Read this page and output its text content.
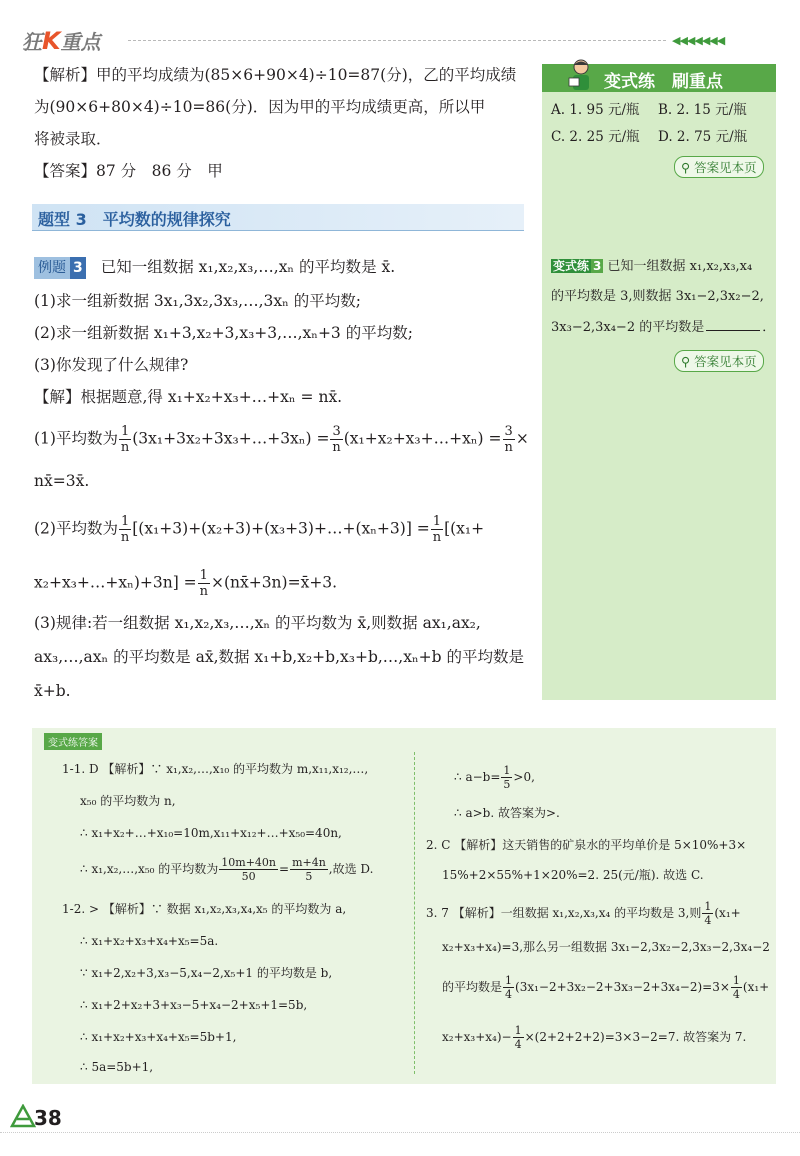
狂K重点	◀◀◀◀◀◀◀
【解析】甲的平均成绩为(85×6+90×4)÷10=87(分)，乙的平均成绩
为(90×6+80×4)÷10=86(分)．因为甲的平均成绩更高，所以甲
将被录取．
【答案】87 分　86 分　甲
题型 3　平均数的规律探究
例题 3 已知一组数据 x₁,x₂,x₃,…,xₙ 的平均数是 x̄.
(1)求一组新数据 3x₁,3x₂,3x₃,…,3xₙ 的平均数;
(2)求一组新数据 x₁+3,x₂+3,x₃+3,…,xₙ+3 的平均数;
(3)你发现了什么规律?
【解】根据题意,得 x₁+x₂+x₃+…+xₙ = nx̄.
(1)平均数为 $\frac{1}{n}$ (3x₁+3x₂+3x₃+…+3xₙ) = $\frac{3}{n}$ (x₁+x₂+x₃+…+xₙ) = $\frac{3}{n}$ ×
nx̄=3x̄.
(2)平均数为 $\frac{1}{n}$ [(x₁+3)+(x₂+3)+(x₃+3)+…+(xₙ+3)] = $\frac{1}{n} [(x_1+$
x₂+x₃+…+xₙ)+3n] = $\frac{1}{n}$ ×(nx̄+3n)=x̄+3.
(3)规律:若一组数据 x₁,x₂,x₃,…,xₙ 的平均数为 x̄,则数据 ax₁,ax₂,
ax₃,…,axₙ 的平均数是 ax̄,数据 x₁+b,x₂+b,x₃+b,…,xₙ+b 的平均数是
x̄+b.
变式练　刷重点
A. 1. 95 元/瓶 B. 2. 15 元/瓶
C. 2. 25 元/瓶 D. 2. 75 元/瓶
⚲ 答案见本页
变式练 3 已知一组数据 x₁,x₂,x₃,x₄
的平均数是 3,则数据 3x₁−2,3x₂−2,
3x₃−2,3x₄−2 的平均数是	．
⚲ 答案见本页
变式练答案
1-1. D 【解析】∵ x₁,x₂,…,x₁₀ 的平均数为 m,x₁₁,x₁₂,…,
x₅₀ 的平均数为 n,
∴ x₁+x₂+…+x₁₀=10m,x₁₁+x₁₂+…+x₅₀=40n,
∴ x₁,x₂,…,x₅₀ 的平均数为 $\frac{10m+40n}{50} = \frac{m+4n}{5}$ ,故选 D.
1-2. > 【解析】∵ 数据 x₁,x₂,x₃,x₄,x₅ 的平均数为 a,
∴ x₁+x₂+x₃+x₄+x₅=5a.
∵ x₁+2,x₂+3,x₃−5,x₄−2,x₅+1 的平均数是 b,
∴ x₁+2+x₂+3+x₃−5+x₄−2+x₅+1=5b,
∴ x₁+x₂+x₃+x₄+x₅=5b+1,
∴ 5a=5b+1,
∴ $a-b= \frac{1}{5} >0$,
∴ a>b. 故答案为>.
2. C 【解析】这天销售的矿泉水的平均单价是 5×10%+3×
15%+2×55%+1×20%=2. 25(元/瓶). 故选 C.
3. 7 【解析】一组数据 x₁,x₂,x₃,x₄ 的平均数是 3,则 $\frac{1}{4} (x_1+$
x₂+x₃+x₄)=3,那么另一组数据 3x₁−2,3x₂−2,3x₃−2,3x₄−2
的平均数是 $\frac{1}{4} (3x_1-2+3x_2-2+3x_3-2+3x_4-2)=3\times \frac{1}{4} (x_1+$
$x_2+x_3+x_4)- \frac{1}{4} \times(2+2+2+2)=3\times 3-2=7$. 故答案为 7.
38
